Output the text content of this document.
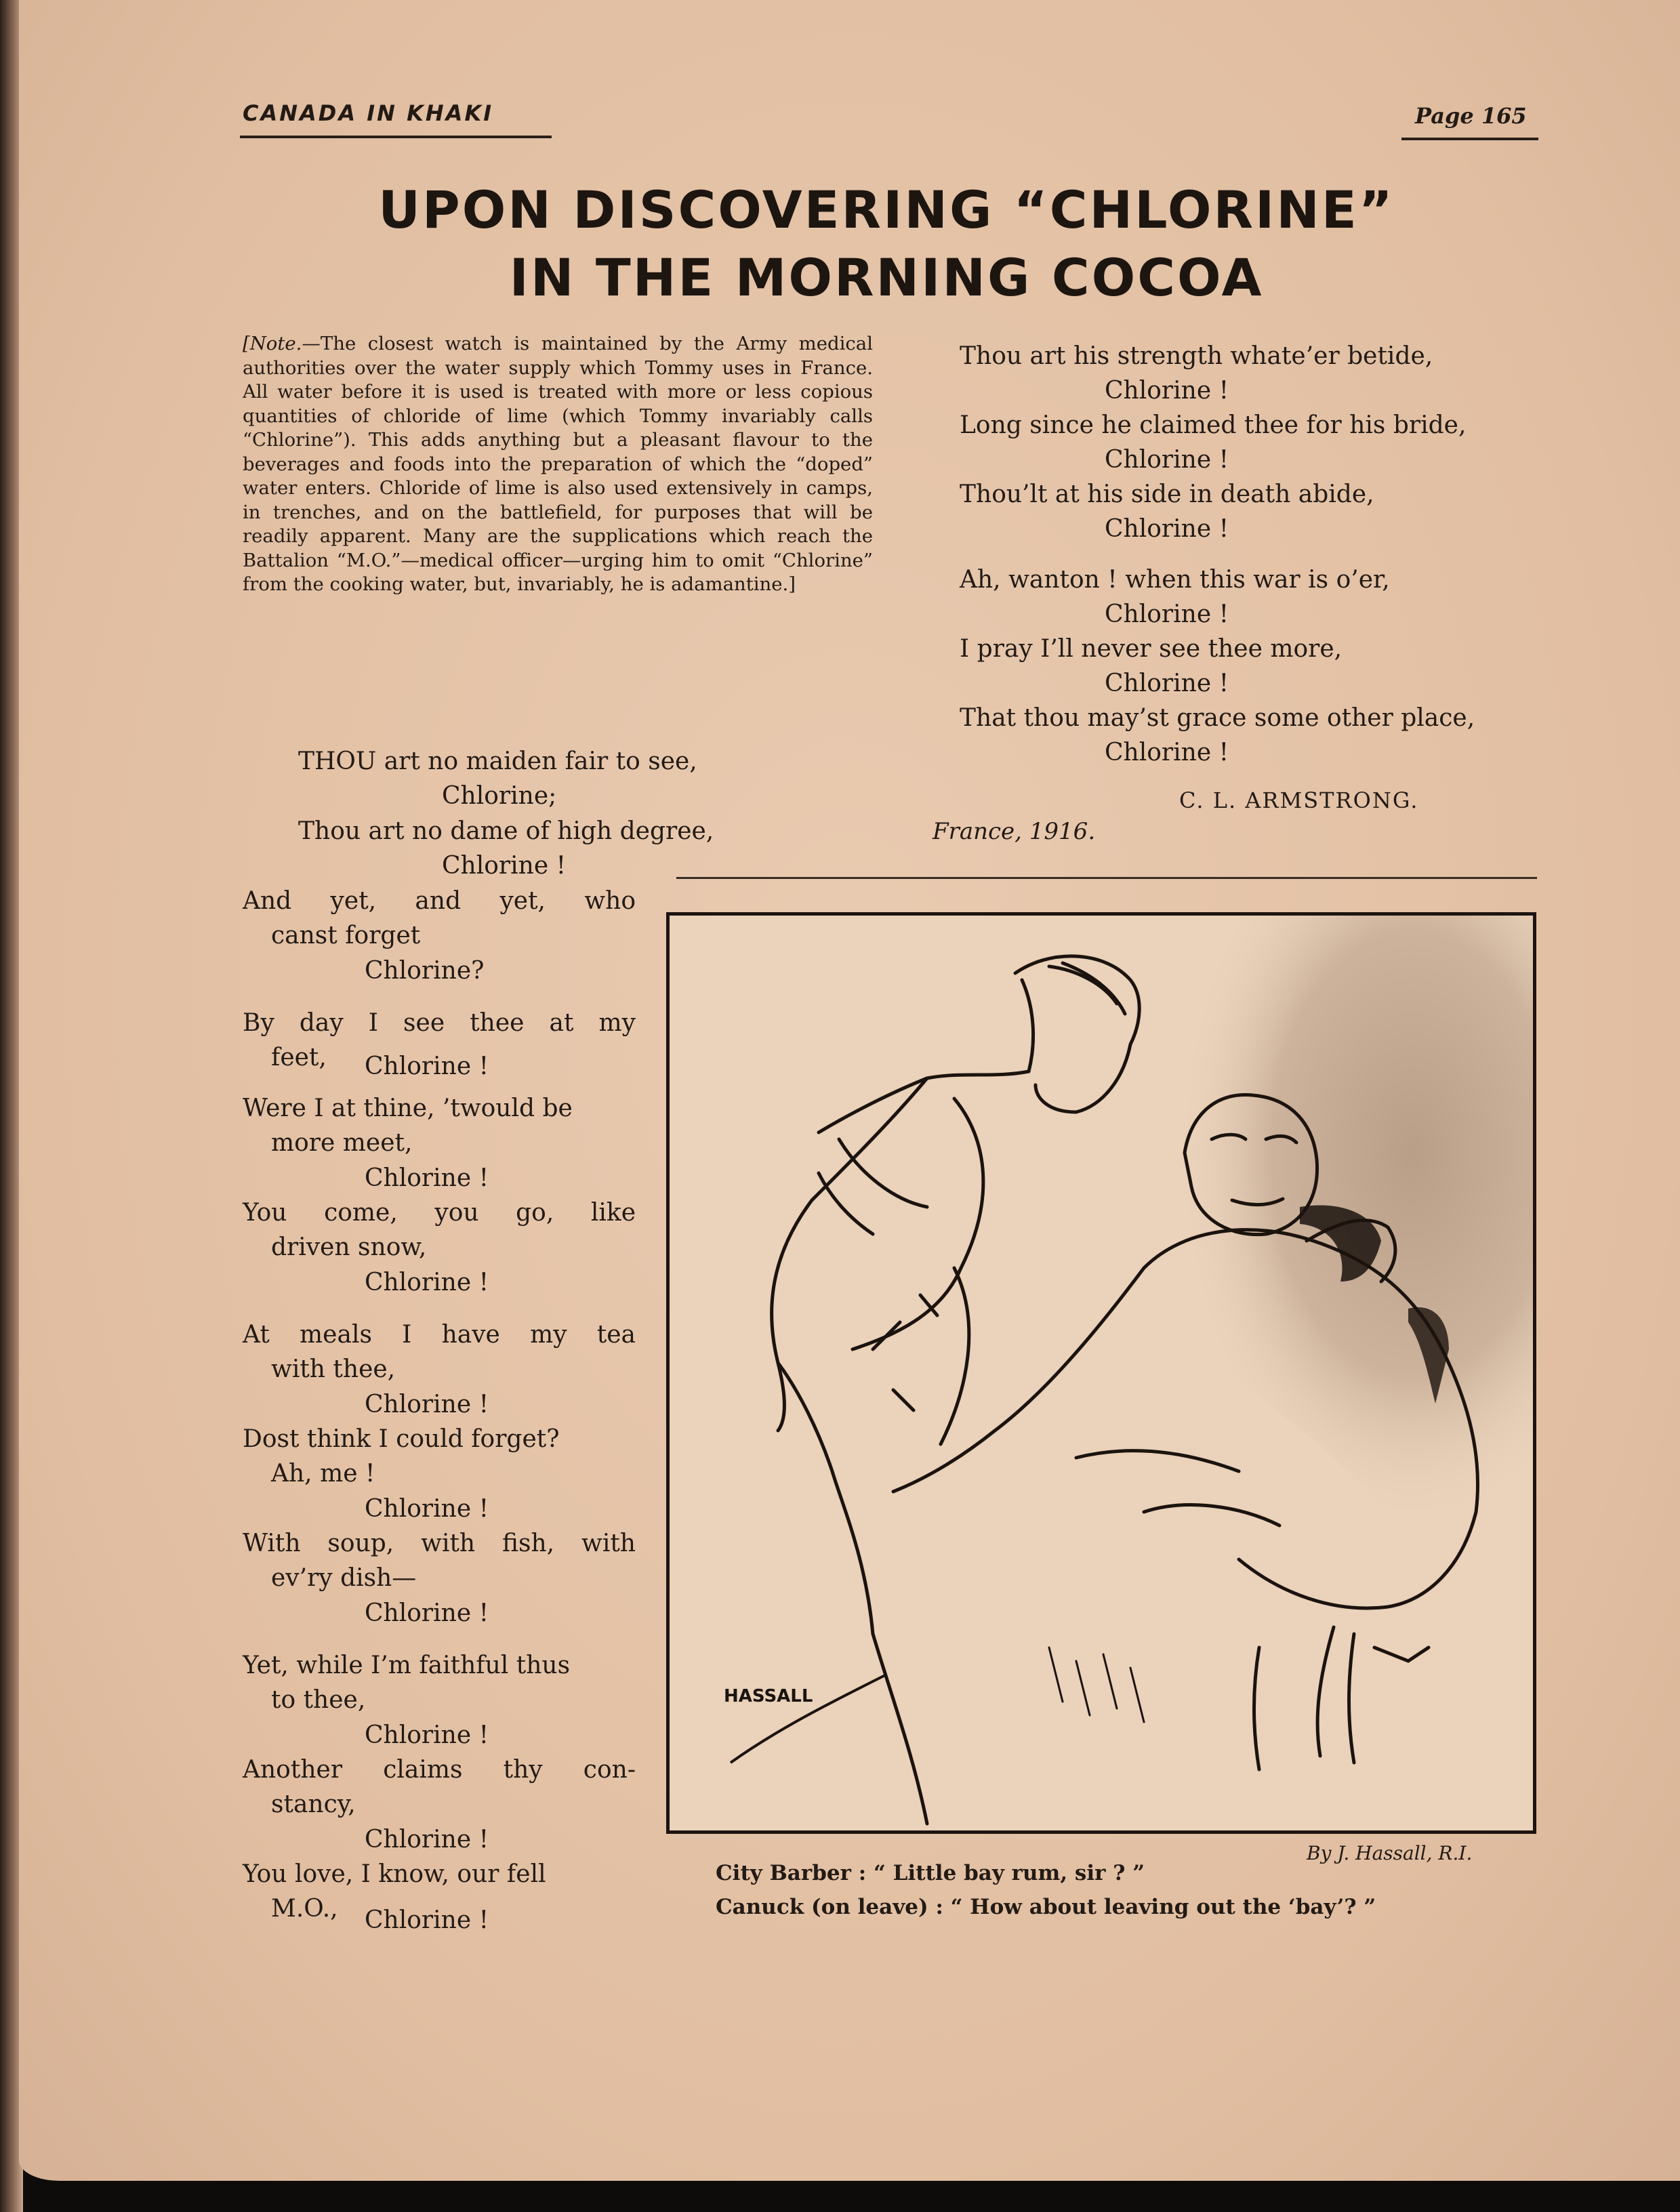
CANADA IN KHAKI	Page 165
UPON DISCOVERING “CHLORINE”
IN THE MORNING COCOA
[Note.—The closest watch is maintained by the Army medical authorities over the water supply which Tommy uses in France. All water before it is used is treated with more or less copious quantities of chloride of lime (which Tommy invariably calls “Chlorine”). This adds anything but a pleasant flavour to the beverages and foods into the preparation of which the “doped” water enters. Chloride of lime is also used extensively in camps, in trenches, and on the battlefield, for purposes that will be readily apparent. Many are the supplications which reach the Battalion “M.O.”—medical officer—urging him to omit “Chlorine” from the cooking water, but, invariably, he is adamantine.]
THOU art no maiden fair to see,
Chlorine;
Thou art no dame of high degree,
Chlorine !
And yet, and yet, who
canst forget
Chlorine?
By day I see thee at my
feet, Chlorine !
Were I at thine, ’twould be
more meet,
Chlorine !
You come, you go, like
driven snow,
Chlorine !
At meals I have my tea
with thee,
Chlorine !
Dost think I could forget?
Ah, me !
Chlorine !
With soup, with fish, with
ev’ry dish—
Chlorine !
Yet, while I’m faithful thus
to thee,
Chlorine !
Another claims thy con-
stancy,
Chlorine !
You love, I know, our fell
M.O., Chlorine !
Thou art his strength whate’er betide,
Chlorine !
Long since he claimed thee for his bride,
Chlorine !
Thou’lt at his side in death abide,
Chlorine !
Ah, wanton ! when this war is o’er,
Chlorine !
I pray I’ll never see thee more,
Chlorine !
That thou may’st grace some other place,
Chlorine !
C. L. ARMSTRONG.
France, 1916.
HASSALL
By J. Hassall, R.I.
City Barber : “ Little bay rum, sir ? ”
Canuck (on leave) : “ How about leaving out the ‘bay’? ”
